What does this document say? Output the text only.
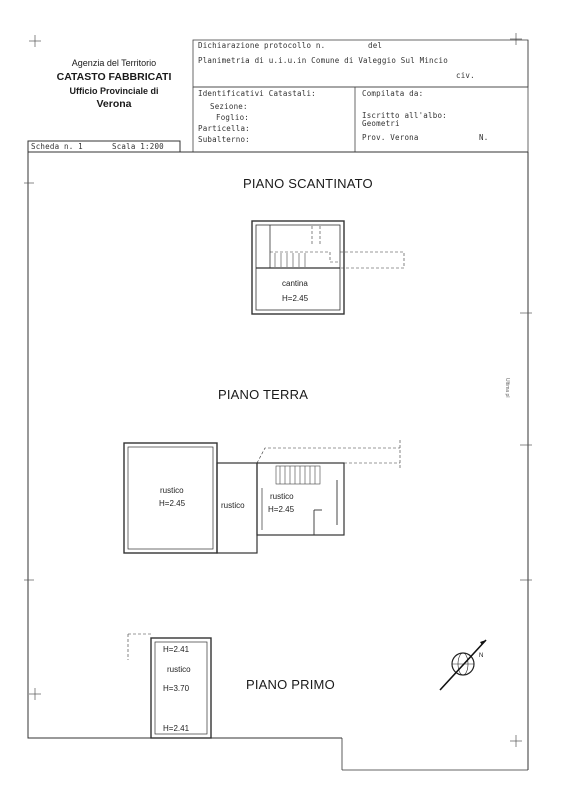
N
Agenzia del Territorio
CATASTO FABBRICATI
Ufficio Provinciale di
Verona
Dichiarazione protocollo n.	del
Planimetria di u.i.u.in Comune di Valeggio Sul Mincio
civ.
Identificativi Catastali:
Sezione:
Foglio:
Particella:
Subalterno:
Compilata da:
Iscritto all'albo:
Geometri
Prov. Verona	N.
Scheda n. 1	Scala 1:200
PIANO SCANTINATO
PIANO TERRA
PIANO PRIMO
cantina
H=2.45
rustico
H=2.45	rustico
rustico
H=2.45
H=2.41
rustico
H=3.70
H=2.41
Ultima pl
